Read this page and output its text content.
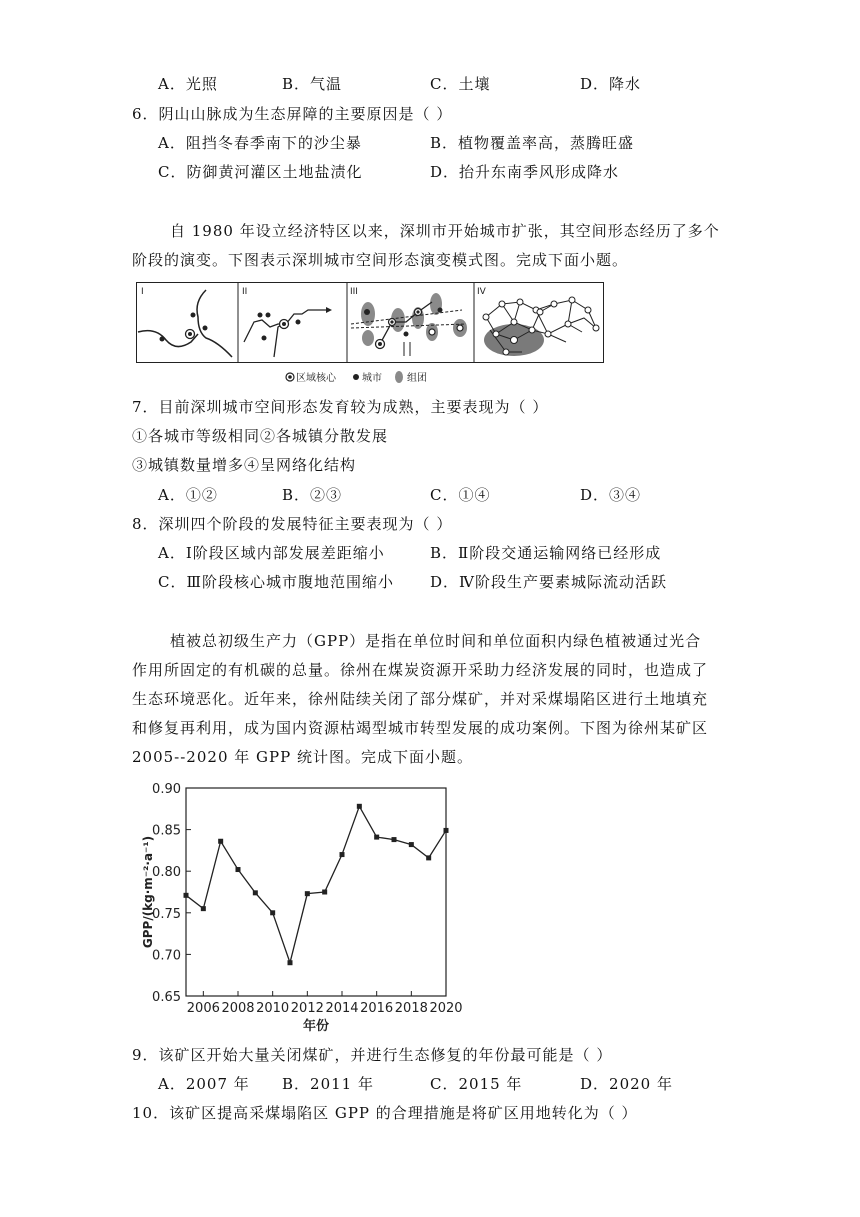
A．光照	B．气温	C．土壤	D．降水
6．阴山山脉成为生态屏障的主要原因是（ ）
A．阻挡冬春季南下的沙尘暴	B．植物覆盖率高，蒸腾旺盛
C．防御黄河灌区土地盐渍化	D．抬升东南季风形成降水
自 1980 年设立经济特区以来，深圳市开始城市扩张，其空间形态经历了多个
阶段的演变。下图表示深圳城市空间形态演变模式图。完成下面小题。
I	II	III	IV
区域核心	城市	组团
7．目前深圳城市空间形态发育较为成熟，主要表现为（ ）
①各城市等级相同②各城镇分散发展
③城镇数量增多④呈网络化结构
A．①②	B．②③	C．①④	D．③④
8．深圳四个阶段的发展特征主要表现为（ ）
A．Ⅰ阶段区域内部发展差距缩小	B．Ⅱ阶段交通运输网络已经形成
C．Ⅲ阶段核心城市腹地范围缩小 D．Ⅳ阶段生产要素城际流动活跃
植被总初级生产力（GPP）是指在单位时间和单位面积内绿色植被通过光合
作用所固定的有机碳的总量。徐州在煤炭资源开采助力经济发展的同时，也造成了
生态环境恶化。近年来，徐州陆续关闭了部分煤矿，并对采煤塌陷区进行土地填充
和修复再利用，成为国内资源枯竭型城市转型发展的成功案例。下图为徐州某矿区
2005--2020 年 GPP 统计图。完成下面小题。
0.65
0.70
0.75
0.80
0.85
0.90
2006 2008 2010 2012 2014 2016 2018 2020
GPP/(kg·m⁻²·a⁻¹)
年份
9．该矿区开始大量关闭煤矿，并进行生态修复的年份最可能是（ ）
A．2007 年 B．2011 年	C．2015 年	D．2020 年
10．该矿区提高采煤塌陷区 GPP 的合理措施是将矿区用地转化为（ ）
